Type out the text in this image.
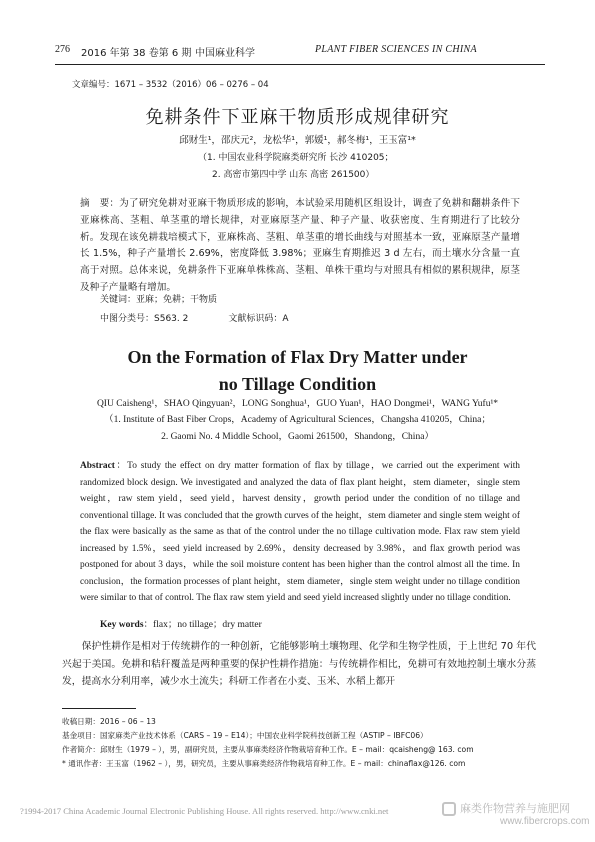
276 2016 年第 38 卷第 6 期 中国麻业科学	PLANT FIBER SCIENCES IN CHINA
文章编号：1671 – 3532（2016）06 – 0276 – 04
免耕条件下亚麻干物质形成规律研究
邱财生¹，邵庆元²，龙松华¹，郭媛¹，郝冬梅¹，王玉富¹*
（1. 中国农业科学院麻类研究所 长沙 410205；
2. 高密市第四中学 山东 高密 261500）
摘　要：为了研究免耕对亚麻干物质形成的影响，本试验采用随机区组设计，调查了免耕和翻耕条件下亚麻株高、茎粗、单茎重的增长规律，对亚麻原茎产量、种子产量、收获密度、生育期进行了比较分析。发现在该免耕栽培模式下，亚麻株高、茎粗、单茎重的增长曲线与对照基本一致，亚麻原茎产量增长 1.5%，种子产量增长 2.69%，密度降低 3.98%；亚麻生育期推迟 3 d 左右，而土壤水分含量一直高于对照。总体来说，免耕条件下亚麻单株株高、茎粗、单株干重均与对照具有相似的累积规律，原茎及种子产量略有增加。
关键词：亚麻；免耕；干物质
中图分类号：S563. 2	文献标识码：A
On the Formation of Flax Dry Matter under
no Tillage Condition
QIU Caisheng¹，SHAO Qingyuan²，LONG Songhua¹，GUO Yuan¹，HAO Dongmei¹，WANG Yufu¹*
（1. Institute of Bast Fiber Crops，Academy of Agricultural Sciences，Changsha 410205，China；
2. Gaomi No. 4 Middle School，Gaomi 261500，Shandong，China）
Abstract：To study the effect on dry matter formation of flax by tillage，we carried out the experiment with randomized block design. We investigated and analyzed the data of flax plant height，stem diameter，single stem weight，raw stem yield，seed yield，harvest density，growth period under the condition of no tillage and conventional tillage. It was concluded that the growth curves of the height，stem diameter and single stem weight of the flax were basically as the same as that of the control under the no tillage cultivation mode. Flax raw stem yield increased by 1.5%，seed yield increased by 2.69%，density decreased by 3.98%，and flax growth period was postponed for about 3 days，while the soil moisture content has been higher than the control almost all the time. In conclusion，the formation processes of plant height，stem diameter，single stem weight under no tillage condition were similar to that of control. The flax raw stem yield and seed yield increased slightly under no tillage condition.
Key words：flax；no tillage；dry matter
保护性耕作是相对于传统耕作的一种创新，它能够影响土壤物理、化学和生物学性质，于上世纪 70 年代兴起于美国。免耕和秸秆覆盖是两种重要的保护性耕作措施：与传统耕作相比，免耕可有效地控制土壤水分蒸发，提高水分利用率，减少水土流失；科研工作者在小麦、玉米、水稻上都开
收稿日期：2016 – 06 – 13
基金项目：国家麻类产业技术体系（CARS – 19 – E14）；中国农业科学院科技创新工程（ASTIP – IBFC06）
作者简介：邱财生（1979 – ），男，副研究员，主要从事麻类经济作物栽培育种工作。E – mail：qcaisheng@ 163. com
* 通讯作者：王玉富（1962 – ），男，研究员，主要从事麻类经济作物栽培育种工作。E – mail：chinaflax@126. com
?1994-2017 China Academic Journal Electronic Publishing House. All rights reserved. http://www.cnki.net	麻类作物营养与施肥网
www.fibercrops.com
